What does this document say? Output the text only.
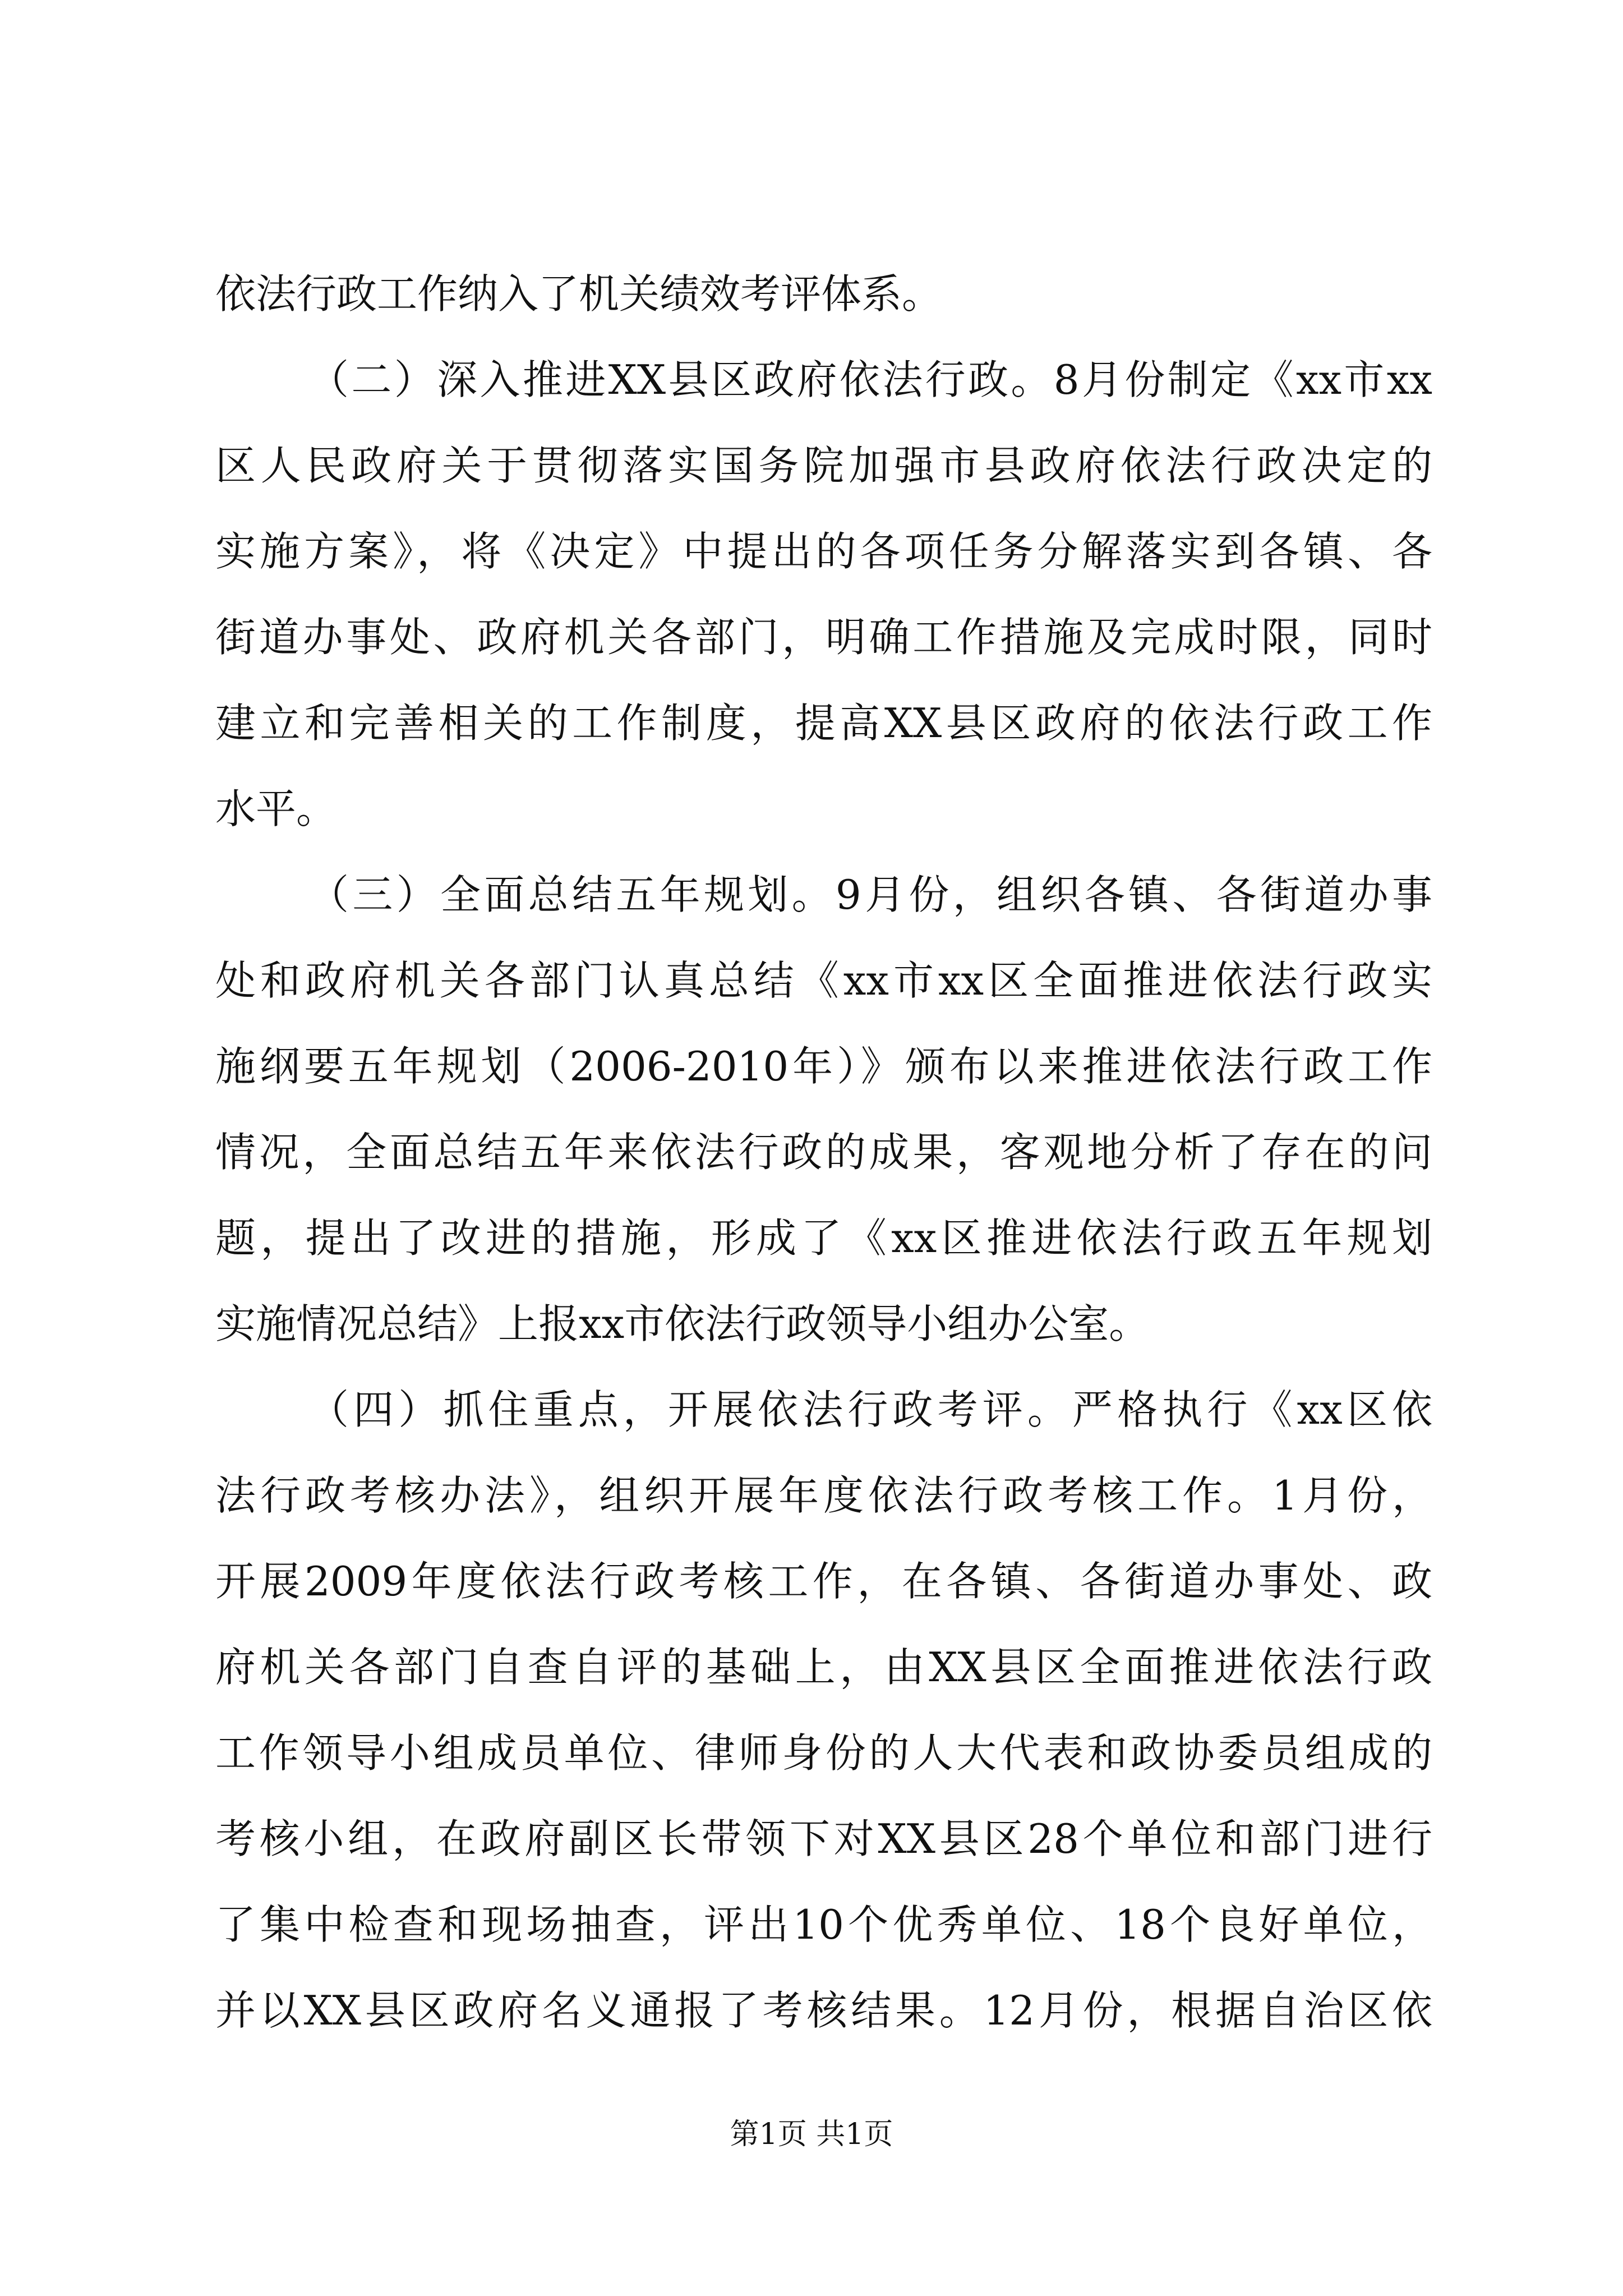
依法行政工作纳入了机关绩效考评体系。
（二）深入推进XX县区政府依法行政。8月份制定《xx市xx
区人民政府关于贯彻落实国务院加强市县政府依法行政决定的
实施方案》，将《决定》中提出的各项任务分解落实到各镇、各
街道办事处、政府机关各部门，明确工作措施及完成时限，同时
建立和完善相关的工作制度，提高XX县区政府的依法行政工作
水平。
（三）全面总结五年规划。9月份，组织各镇、各街道办事
处和政府机关各部门认真总结《xx市xx区全面推进依法行政实
施纲要五年规划（2006-2010年）》颁布以来推进依法行政工作
情况，全面总结五年来依法行政的成果，客观地分析了存在的问
题，提出了改进的措施，形成了《xx区推进依法行政五年规划
实施情况总结》上报xx市依法行政领导小组办公室。
（四）抓住重点，开展依法行政考评。严格执行《xx区依
法行政考核办法》，组织开展年度依法行政考核工作。1月份，
开展2009年度依法行政考核工作，在各镇、各街道办事处、政
府机关各部门自查自评的基础上，由XX县区全面推进依法行政
工作领导小组成员单位、律师身份的人大代表和政协委员组成的
考核小组，在政府副区长带领下对XX县区28个单位和部门进行
了集中检查和现场抽查，评出10个优秀单位、18个良好单位，
并以XX县区政府名义通报了考核结果。12月份，根据自治区依
第1页 共1页
